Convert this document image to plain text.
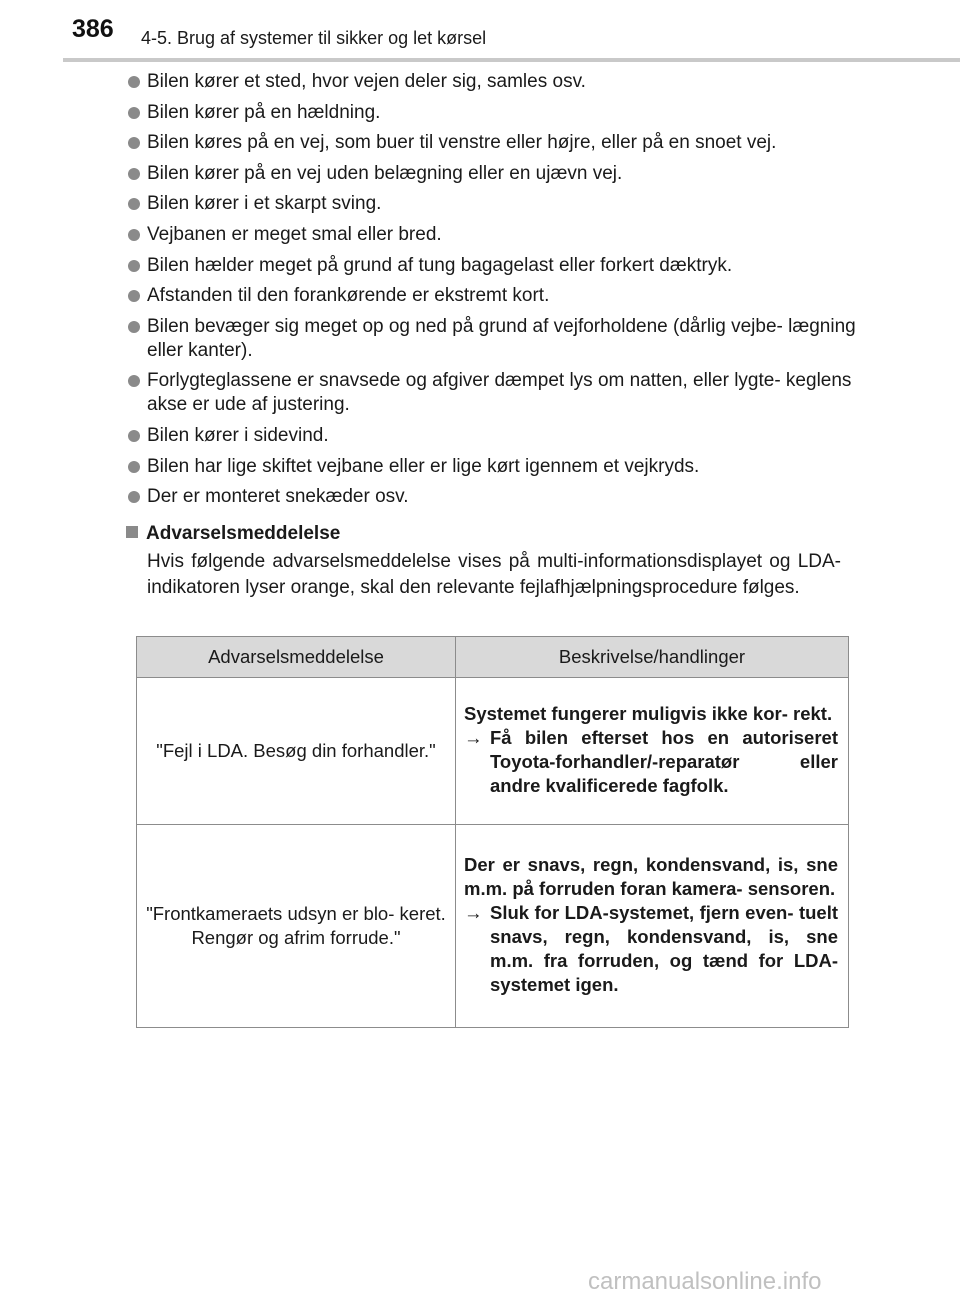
386 4-5. Brug af systemer til sikker og let kørsel
Bilen kører et sted, hvor vejen deler sig, samles osv.
Bilen kører på en hældning.
Bilen køres på en vej, som buer til venstre eller højre, eller på en snoet vej.
Bilen kører på en vej uden belægning eller en ujævn vej.
Bilen kører i et skarpt sving.
Vejbanen er meget smal eller bred.
Bilen hælder meget på grund af tung bagagelast eller forkert dæktryk.
Afstanden til den forankørende er ekstremt kort.
Bilen bevæger sig meget op og ned på grund af vejforholdene (dårlig vejbe- lægning eller kanter).
Forlygteglassene er snavsede og afgiver dæmpet lys om natten, eller lygte- keglens akse er ude af justering.
Bilen kører i sidevind.
Bilen har lige skiftet vejbane eller er lige kørt igennem et vejkryds.
Der er monteret snekæder osv.
Advarselsmeddelelse
Hvis følgende advarselsmeddelelse vises på multi-informationsdisplayet og LDA-indikatoren lyser orange, skal den relevante fejlafhjælpningsprocedure følges.
Advarselsmeddelelse	Beskrivelse/handlinger
"Fejl i LDA. Besøg din forhandler."	Systemet fungerer muligvis ikke kor- rekt.
→ Få bilen efterset hos en autoriseret Toyota-forhandler/-reparatør eller andre kvalificerede fagfolk.

"Frontkameraets udsyn er blo- keret. Rengør og afrim forrude."	Der er snavs, regn, kondensvand, is, sne m.m. på forruden foran kamera- sensoren.
→ Sluk for LDA-systemet, fjern even- tuelt snavs, regn, kondensvand, is, sne m.m. fra forruden, og tænd for LDA-systemet igen.
carmanualsonline.info
